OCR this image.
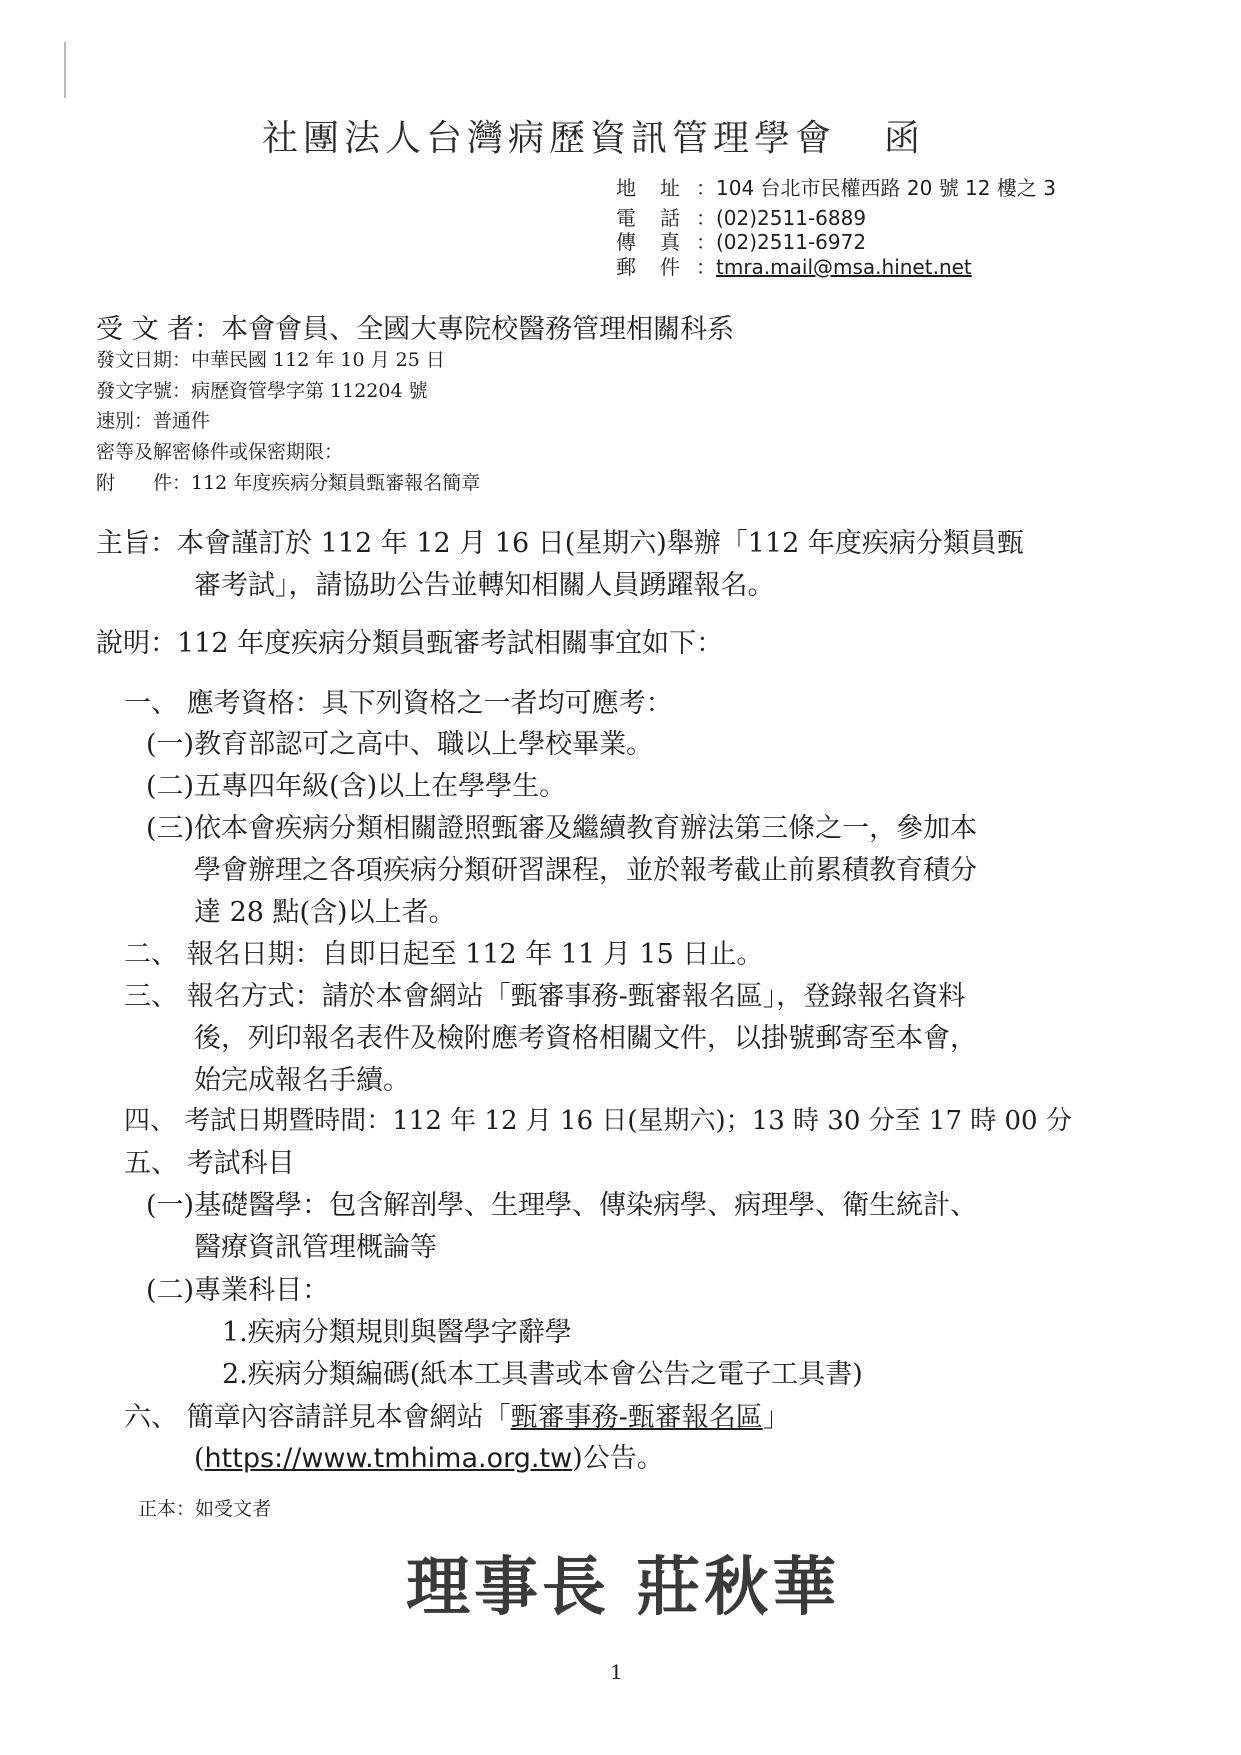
社團法人台灣病歷資訊管理學會 函
地　址 ：104 台北市民權西路 20 號 12 樓之 3
電　話 ：(02)2511-6889
傳　真 ：(02)2511-6972
郵　件 ：tmra.mail@msa.hinet.net
受 文 者：本會會員、全國大專院校醫務管理相關科系
發文日期：中華民國 112 年 10 月 25 日
發文字號：病歷資管學字第 112204 號
速別：普通件
密等及解密條件或保密期限：
附　　件：112 年度疾病分類員甄審報名簡章
主旨：本會謹訂於 112 年 12 月 16 日(星期六)舉辦「112 年度疾病分類員甄
審考試」，請協助公告並轉知相關人員踴躍報名。
說明：112 年度疾病分類員甄審考試相關事宜如下：
一、 應考資格：具下列資格之一者均可應考：
(一)教育部認可之高中、職以上學校畢業。
(二)五專四年級(含)以上在學學生。
(三)依本會疾病分類相關證照甄審及繼續教育辦法第三條之一，參加本
學會辦理之各項疾病分類研習課程，並於報考截止前累積教育積分
達 28 點(含)以上者。
二、 報名日期：自即日起至 112 年 11 月 15 日止。
三、 報名方式：請於本會網站「甄審事務-甄審報名區」，登錄報名資料
後，列印報名表件及檢附應考資格相關文件，以掛號郵寄至本會，
始完成報名手續。
四、 考試日期暨時間：112 年 12 月 16 日(星期六)；13 時 30 分至 17 時 00 分
五、 考試科目
(一)基礎醫學：包含解剖學、生理學、傳染病學、病理學、衛生統計、
醫療資訊管理概論等
(二)專業科目：
1.疾病分類規則與醫學字辭學
2.疾病分類編碼(紙本工具書或本會公告之電子工具書)
六、 簡章內容請詳見本會網站「甄審事務-甄審報名區」
(https://www.tmhima.org.tw)公告。
正本：如受文者
理事長 莊秋華
1
